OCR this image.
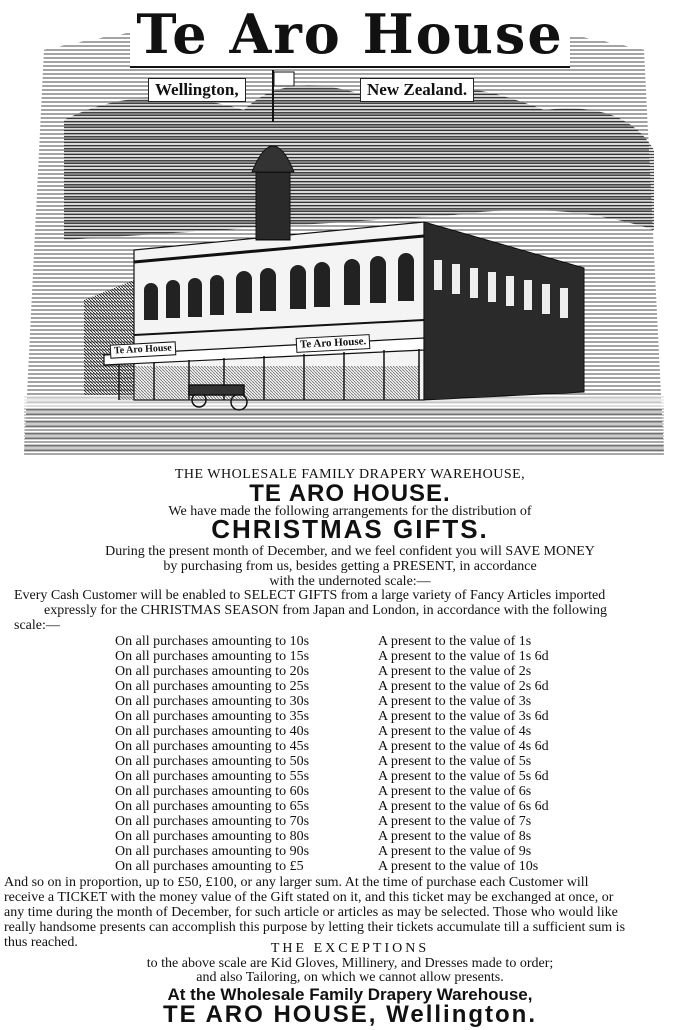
Te Aro House.
Te Aro House
Te Aro House
Wellington,	New Zealand.

THE WHOLESALE FAMILY DRAPERY WAREHOUSE,

TE ARO HOUSE.

We have made the following arrangements for the distribution of

CHRISTMAS GIFTS.

During the present month of December, and we feel confident you will SAVE MONEY

by purchasing from us, besides getting a PRESENT, in accordance

with the undernoted scale:—

Every Cash Customer will be enabled to SELECT GIFTS from a large variety of Fancy Articles imported

expressly for the CHRISTMAS SEASON from Japan and London, in accordance with the following

scale:—

On all purchases amounting to 10s	A present to the value of 1s
On all purchases amounting to 15s	A present to the value of 1s 6d
On all purchases amounting to 20s	A present to the value of 2s
On all purchases amounting to 25s	A present to the value of 2s 6d
On all purchases amounting to 30s	A present to the value of 3s
On all purchases amounting to 35s	A present to the value of 3s 6d
On all purchases amounting to 40s	A present to the value of 4s
On all purchases amounting to 45s	A present to the value of 4s 6d
On all purchases amounting to 50s	A present to the value of 5s
On all purchases amounting to 55s	A present to the value of 5s 6d
On all purchases amounting to 60s	A present to the value of 6s
On all purchases amounting to 65s	A present to the value of 6s 6d
On all purchases amounting to 70s	A present to the value of 7s
On all purchases amounting to 80s	A present to the value of 8s
On all purchases amounting to 90s	A present to the value of 9s
On all purchases amounting to £5	A present to the value of 10s

And so on in proportion, up to £50, £100, or any larger sum. At the time of purchase each Customer will

receive a TICKET with the money value of the Gift stated on it, and this ticket may be exchanged at once, or

any time during the month of December, for such article or articles as may be selected. Those who would like

really handsome presents can accomplish this purpose by letting their tickets accumulate till a sufficient sum is

thus reached.	THE EXCEPTIONS

to the above scale are Kid Gloves, Millinery, and Dresses made to order;

and also Tailoring, on which we cannot allow presents.

At the Wholesale Family Drapery Warehouse,

TE ARO HOUSE, Wellington.
